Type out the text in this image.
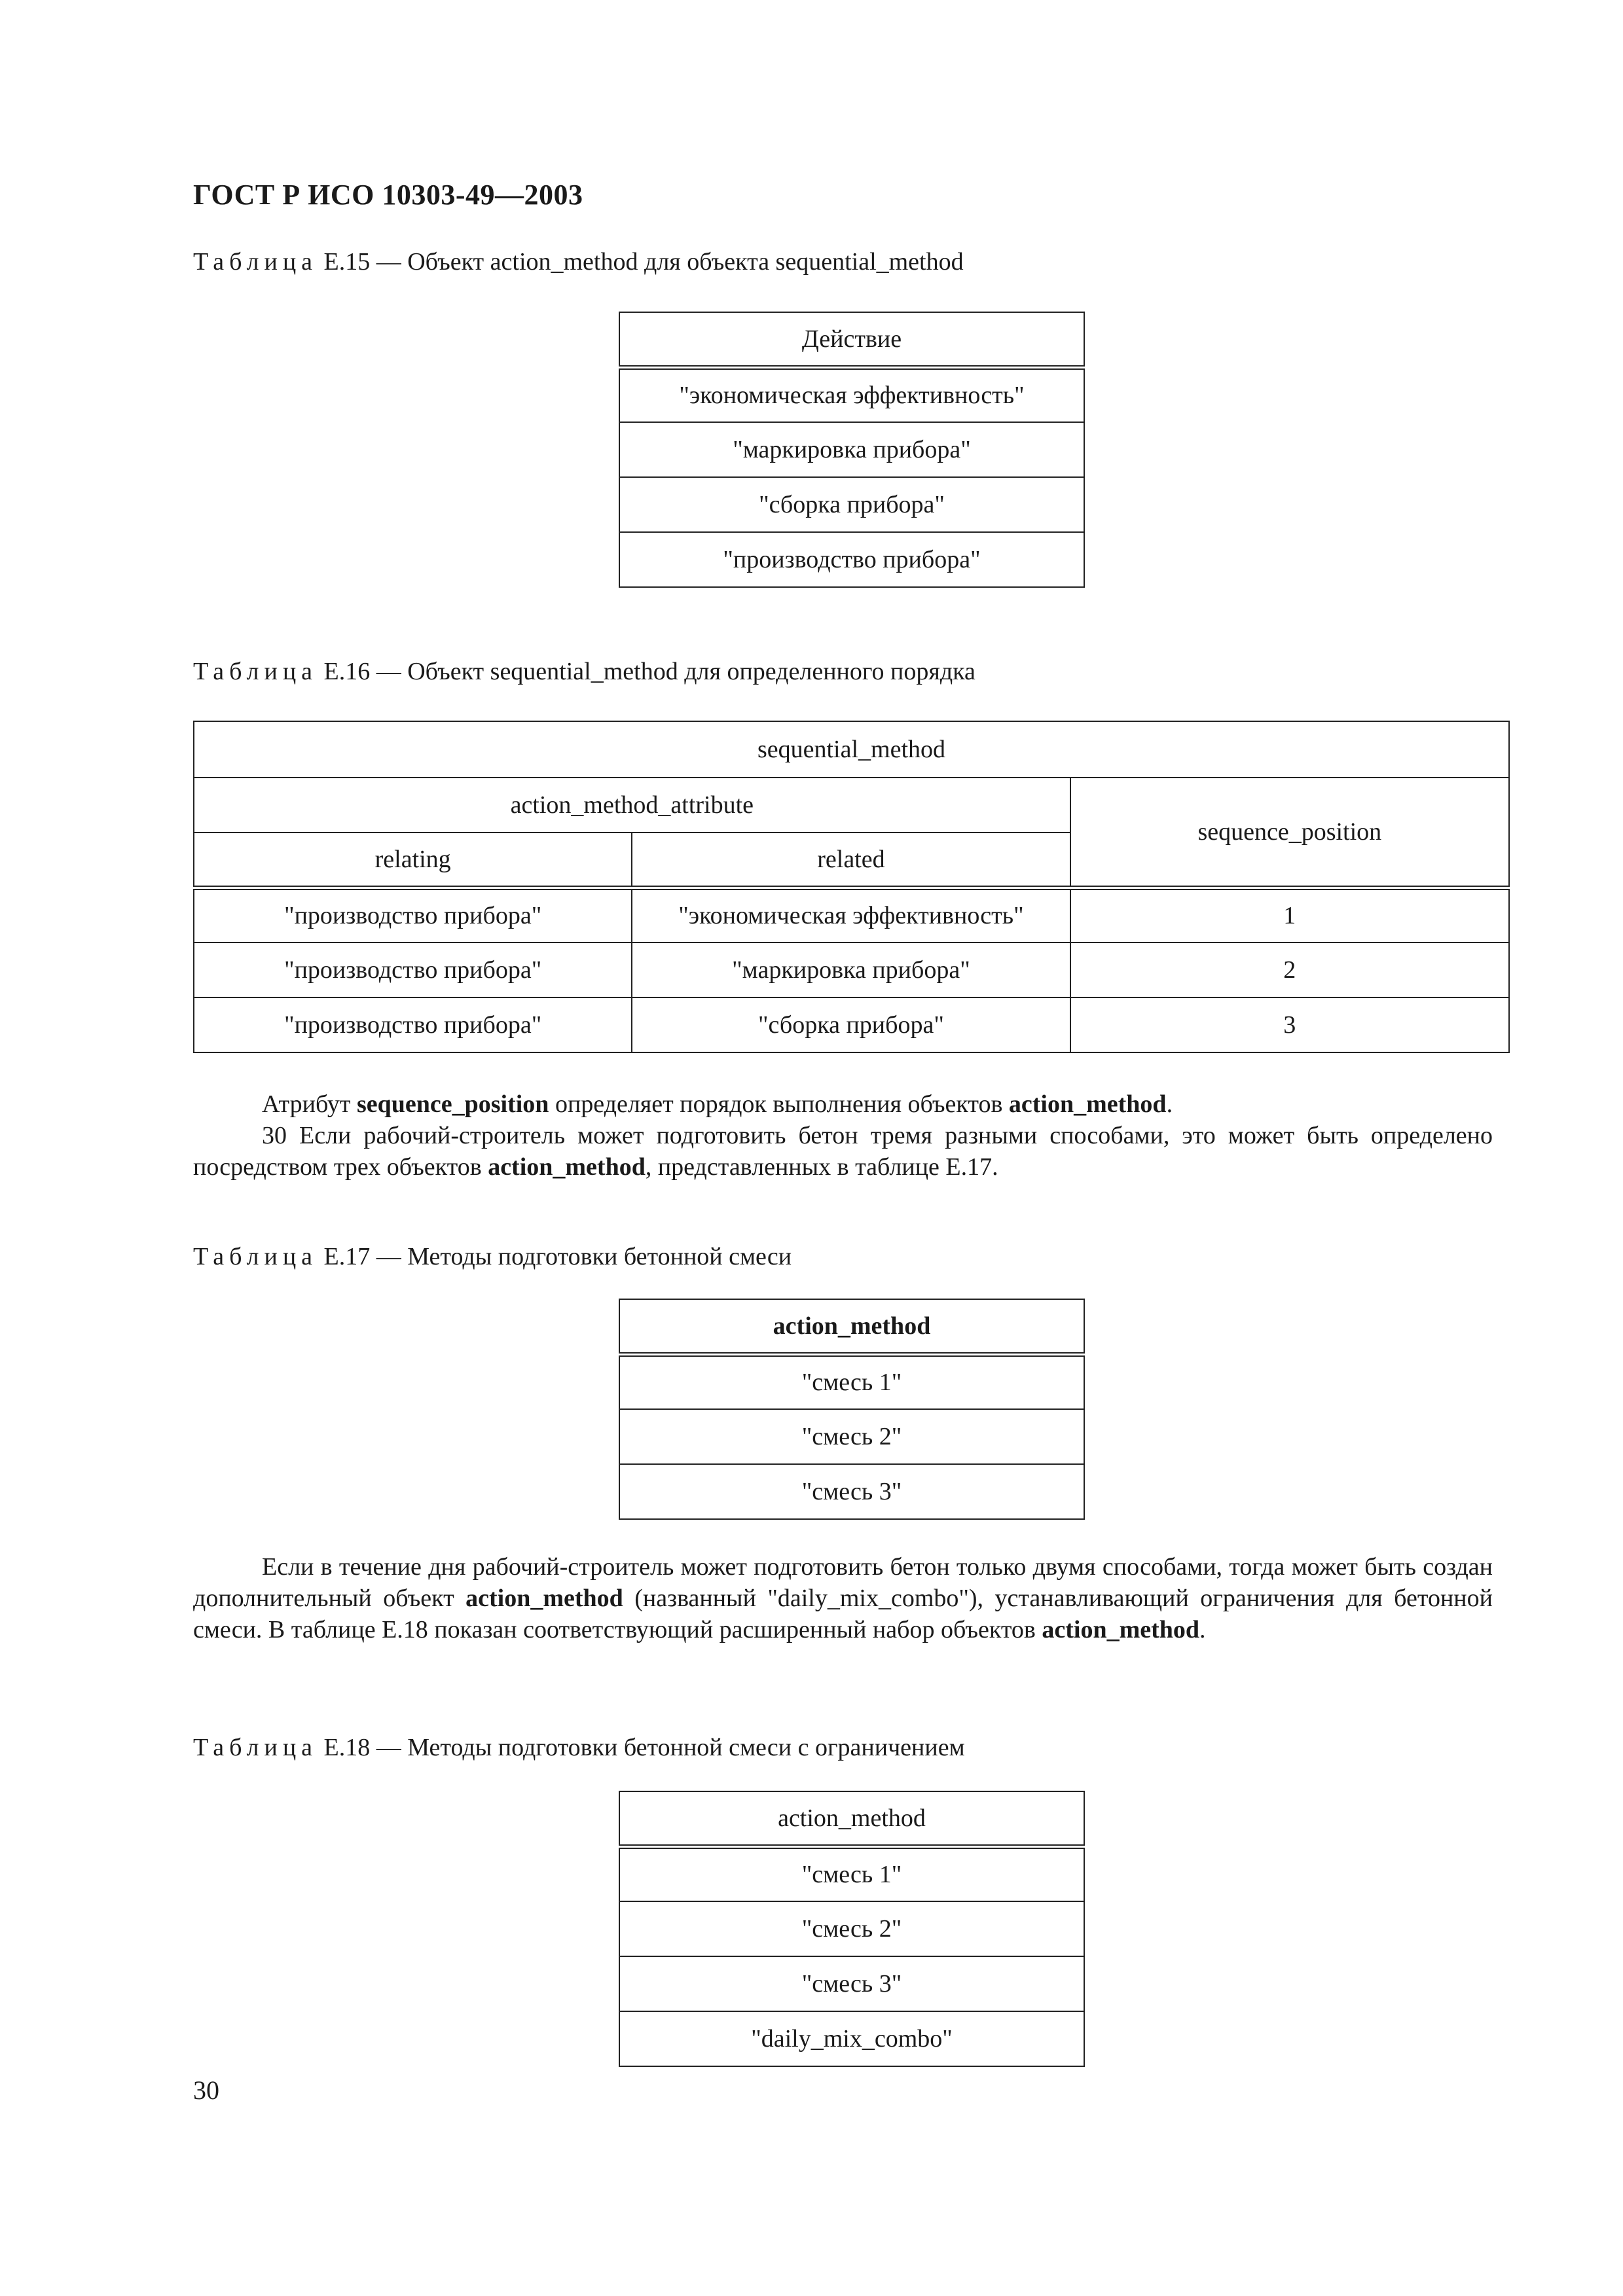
ГОСТ Р ИСО 10303-49—2003
Таблица Е.15 — Объект action_method для объекта sequential_method
Действие
"экономическая эффективность"
"маркировка прибора"
"сборка прибора"
"производство прибора"
Таблица Е.16 — Объект sequential_method для определенного порядка
sequential_method		
action_method_attribute		sequence_position
relating	related	
"производство прибора"	"экономическая эффективность"	1
"производство прибора"	"маркировка прибора"	2
"производство прибора"	"сборка прибора"	3

Атрибут sequence_position определяет порядок выполнения объектов action_method.

30 Если рабочий-строитель может подготовить бетон тремя разными способами, это может быть определено посредством трех объектов action_method, представленных в таблице Е.17.

Таблица Е.17 — Методы подготовки бетонной смеси
action_method
"смесь 1"
"смесь 2"
"смесь 3"

Если в течение дня рабочий-строитель может подготовить бетон только двумя способами, тогда может быть создан дополнительный объект action_method (названный "daily_mix_combo"), устанавливающий ограничения для бетонной смеси. В таблице Е.18 показан соответствующий расширенный набор объектов action_method.

Таблица Е.18 — Методы подготовки бетонной смеси с ограничением
action_method
"смесь 1"
"смесь 2"
"смесь 3"
"daily_mix_combo"
30
